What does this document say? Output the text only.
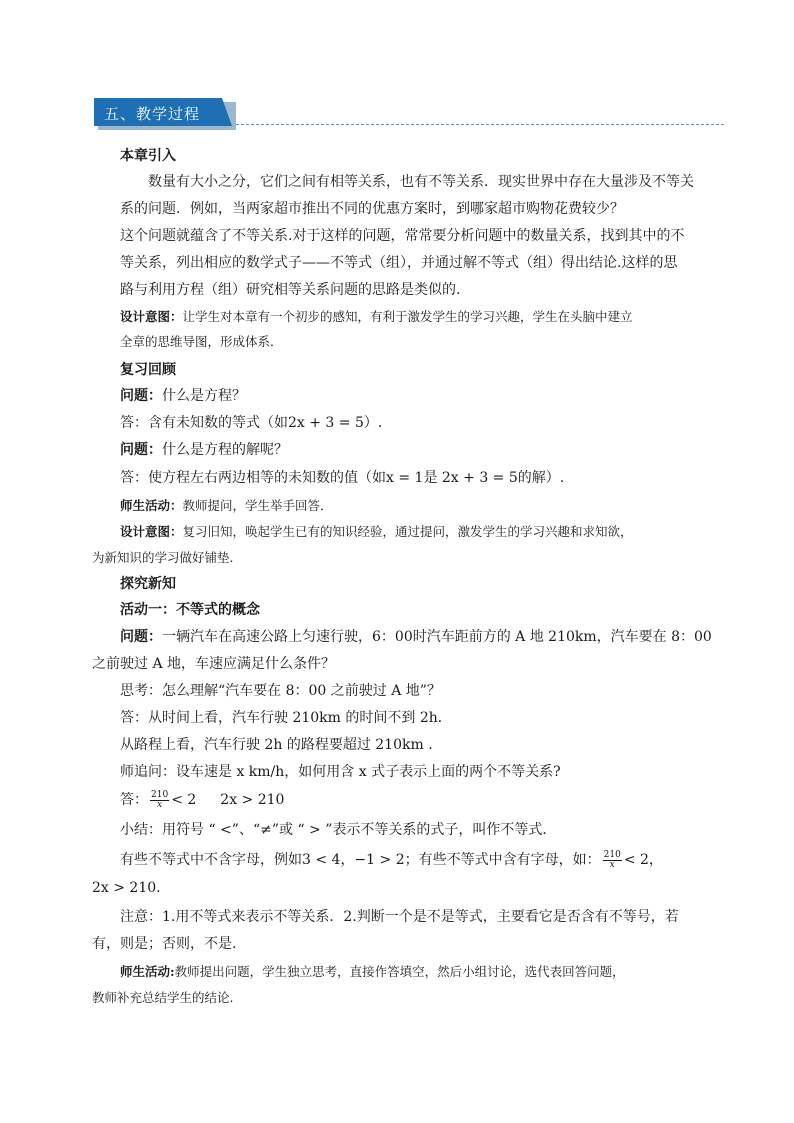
五、教学过程
本章引入
数量有大小之分，它们之间有相等关系，也有不等关系．现实世界中存在大量涉及不等关
系的问题．例如，当两家超市推出不同的优惠方案时，到哪家超市购物花费较少？
这个问题就蕴含了不等关系.对于这样的问题，常常要分析问题中的数量关系，找到其中的不
等关系，列出相应的数学式子——不等式（组），并通过解不等式（组）得出结论.这样的思
路与利用方程（组）研究相等关系问题的思路是类似的.
设计意图：让学生对本章有一个初步的感知，有利于激发学生的学习兴趣，学生在头脑中建立
全章的思维导图，形成体系．
复习回顾
问题：什么是方程？
答：含有未知数的等式（如2x + 3 = 5）.
问题：什么是方程的解呢？
答：使方程左右两边相等的未知数的值（如x = 1是 2x + 3 = 5的解）.
师生活动：教师提问，学生举手回答．
设计意图：复习旧知，唤起学生已有的知识经验，通过提问，激发学生的学习兴趣和求知欲，
为新知识的学习做好铺垫.
探究新知
活动一：不等式的概念
问题：一辆汽车在高速公路上匀速行驶，6：00时汽车距前方的 A 地 210km，汽车要在 8：00
之前驶过 A 地，车速应满足什么条件？
思考：怎么理解“汽车要在 8：00 之前驶过 A 地”？
答：从时间上看，汽车行驶 210km 的时间不到 2h．
从路程上看，汽车行驶 2h 的路程要超过 210km .
师追问：设车速是 x km/h，如何用含 x 式子表示上面的两个不等关系?
答： $\frac{210}{x} < 2$ 2x > 210
小结：用符号 “ <”、“≠”或 “ > ”表示不等关系的式子，叫作不等式．
有些不等式中不含字母，例如3 < 4，−1 > 2；有些不等式中含有字母，如： $\frac{210}{x} < 2$，
2x > 210.
注意：1.用不等式来表示不等关系．2.判断一个是不是等式，主要看它是否含有不等号，若
有，则是；否则，不是.
师生活动:教师提出问题，学生独立思考，直接作答填空，然后小组讨论，选代表回答问题，
教师补充总结学生的结论.
